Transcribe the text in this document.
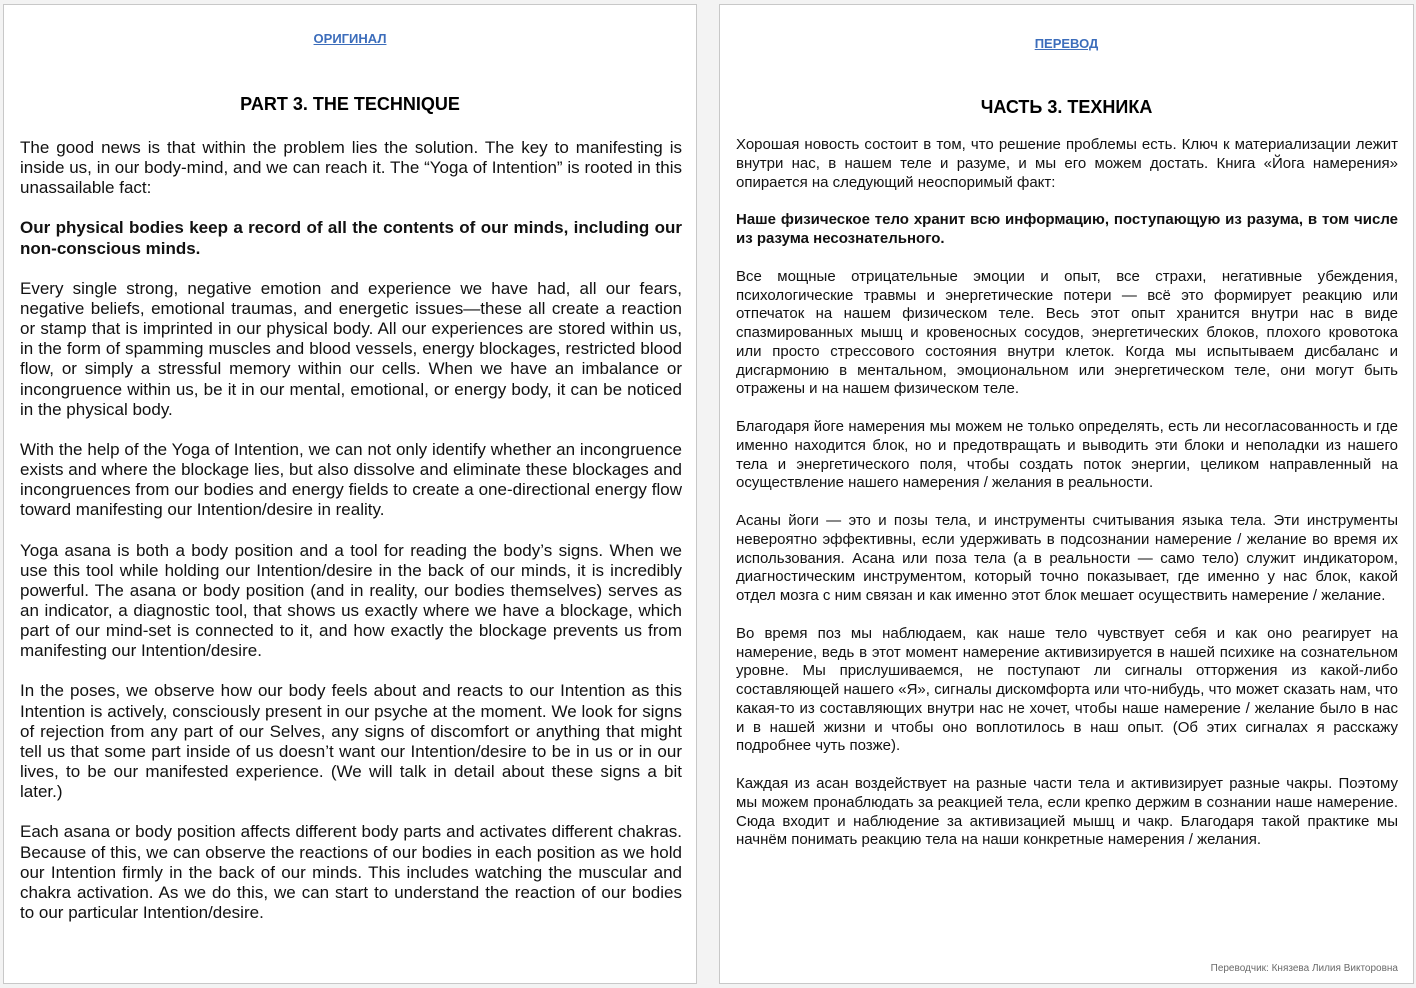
ОРИГИНАЛ

PART 3. THE TECHNIQUE

The good news is that within the problem lies the solution. The key to manifesting is inside us, in our body-mind, and we can reach it. The “Yoga of Intention” is rooted in this unassailable fact:

Our physical bodies keep a record of all the contents of our minds, including our non-conscious minds.

Every single strong, negative emotion and experience we have had, all our fears, negative beliefs, emotional traumas, and energetic issues—these all create a reaction or stamp that is imprinted in our physical body. All our experiences are stored within us, in the form of spamming muscles and blood vessels, energy blockages, restricted blood flow, or simply a stressful memory within our cells. When we have an imbalance or incongruence within us, be it in our mental, emotional, or energy body, it can be noticed in the physical body.

With the help of the Yoga of Intention, we can not only identify whether an incongruence exists and where the blockage lies, but also dissolve and eliminate these blockages and incongruences from our bodies and energy fields to create a one-directional energy flow toward manifesting our Intention/desire in reality.

Yoga asana is both a body position and a tool for reading the body’s signs. When we use this tool while holding our Intention/desire in the back of our minds, it is incredibly powerful. The asana or body position (and in reality, our bodies themselves) serves as an indicator, a diagnostic tool, that shows us exactly where we have a blockage, which part of our mind-set is connected to it, and how exactly the blockage prevents us from manifesting our Intention/desire.

In the poses, we observe how our body feels about and reacts to our Intention as this Intention is actively, consciously present in our psyche at the moment. We look for signs of rejection from any part of our Selves, any signs of discomfort or anything that might tell us that some part inside of us doesn’t want our Intention/desire to be in us or in our lives, to be our manifested experience. (We will talk in detail about these signs a bit later.)

Each asana or body position affects different body parts and activates different chakras. Because of this, we can observe the reactions of our bodies in each position as we hold our Intention firmly in the back of our minds. This includes watching the muscular and chakra activation. As we do this, we can start to understand the reaction of our bodies to our particular Intention/desire.

ПЕРЕВОД

ЧАСТЬ 3. ТЕХНИКА

Хорошая новость состоит в том, что решение проблемы есть. Ключ к материализации лежит внутри нас, в нашем теле и разуме, и мы его можем достать. Книга «Йога намерения» опирается на следующий неоспоримый факт:

Наше физическое тело хранит всю информацию, поступающую из разума, в том числе из разума несознательного.

Все мощные отрицательные эмоции и опыт, все страхи, негативные убеждения, психологические травмы и энергетические потери — всё это формирует реакцию или отпечаток на нашем физическом теле. Весь этот опыт хранится внутри нас в виде спазмированных мышц и кровеносных сосудов, энергетических блоков, плохого кровотока или просто стрессового состояния внутри клеток. Когда мы испытываем дисбаланс и дисгармонию в ментальном, эмоциональном или энергетическом теле, они могут быть отражены и на нашем физическом теле.

Благодаря йоге намерения мы можем не только определять, есть ли несогласованность и где именно находится блок, но и предотвращать и выводить эти блоки и неполадки из нашего тела и энергетического поля, чтобы создать поток энергии, целиком направленный на осуществление нашего намерения / желания в реальности.

Асаны йоги — это и позы тела, и инструменты считывания языка тела. Эти инструменты невероятно эффективны, если удерживать в подсознании намерение / желание во время их использования. Асана или поза тела (а в реальности — само тело) служит индикатором, диагностическим инструментом, который точно показывает, где именно у нас блок, какой отдел мозга с ним связан и как именно этот блок мешает осуществить намерение / желание.

Во время поз мы наблюдаем, как наше тело чувствует себя и как оно реагирует на намерение, ведь в этот момент намерение активизируется в нашей психике на сознательном уровне. Мы прислушиваемся, не поступают ли сигналы отторжения из какой-либо составляющей нашего «Я», сигналы дискомфорта или что-нибудь, что может сказать нам, что какая-то из составляющих внутри нас не хочет, чтобы наше намерение / желание было в нас и в нашей жизни и чтобы оно воплотилось в наш опыт. (Об этих сигналах я расскажу подробнее чуть позже).

Каждая из асан воздействует на разные части тела и активизирует разные чакры. Поэтому мы можем пронаблюдать за реакцией тела, если крепко держим в сознании наше намерение. Сюда входит и наблюдение за активизацией мышц и чакр. Благодаря такой практике мы начнём понимать реакцию тела на наши конкретные намерения / желания.

Переводчик: Князева Лилия Викторовна
